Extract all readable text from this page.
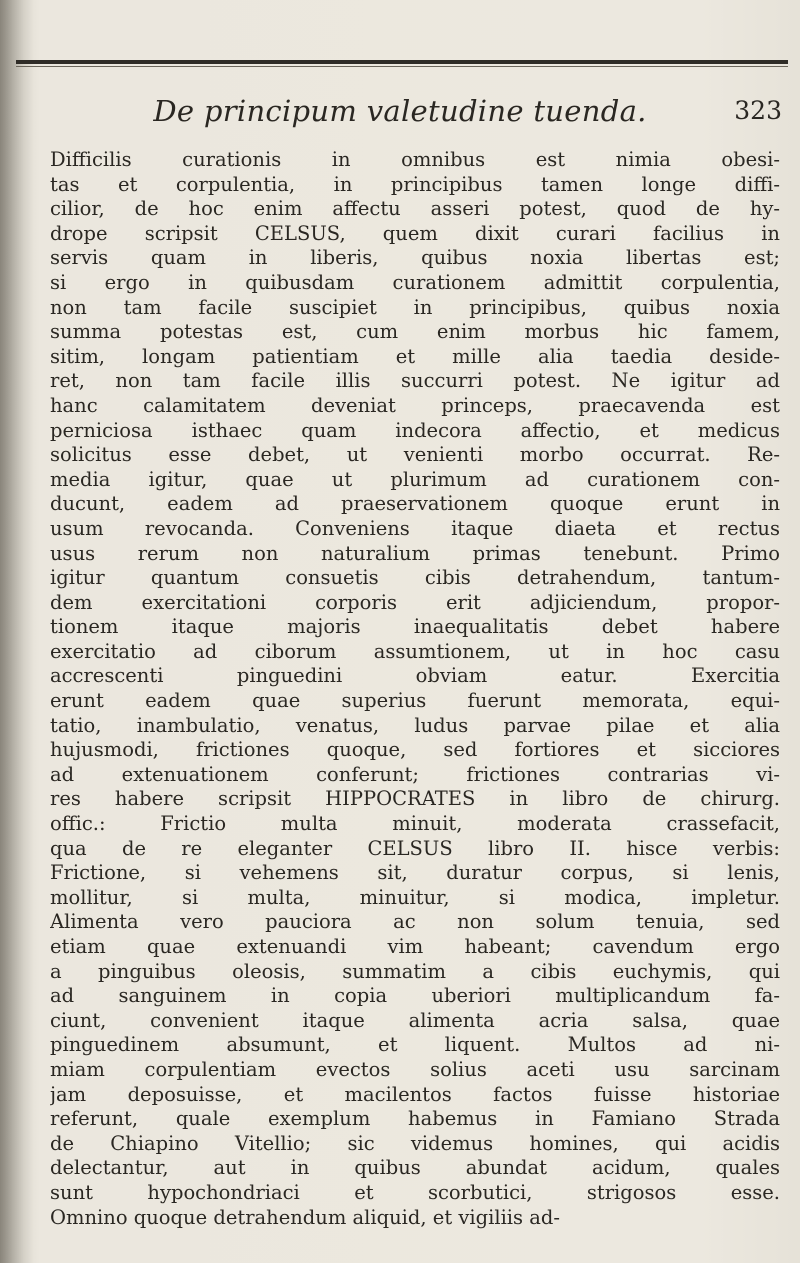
De principum valetudine tuenda.	323
Difficilis curationis in omnibus est nimia obesi-
tas et corpulentia, in principibus tamen longe diffi-
cilior, de hoc enim affectu asseri potest, quod de hy-
drope scripsit CELSUS, quem dixit curari facilius in
servis quam in liberis, quibus noxia libertas est;
si ergo in quibusdam curationem admittit corpulentia,
non tam facile suscipiet in principibus, quibus noxia
summa potestas est, cum enim morbus hic famem,
sitim, longam patientiam et mille alia taedia deside-
ret, non tam facile illis succurri potest. Ne igitur ad
hanc calamitatem deveniat princeps, praecavenda est
perniciosa isthaec quam indecora affectio, et medicus
solicitus esse debet, ut venienti morbo occurrat. Re-
media igitur, quae ut plurimum ad curationem con-
ducunt, eadem ad praeservationem quoque erunt in
usum revocanda. Conveniens itaque diaeta et rectus
usus rerum non naturalium primas tenebunt. Primo
igitur quantum consuetis cibis detrahendum, tantum-
dem exercitationi corporis erit adjiciendum, propor-
tionem itaque majoris inaequalitatis debet habere
exercitatio ad ciborum assumtionem, ut in hoc casu
accrescenti pinguedini obviam eatur. Exercitia
erunt eadem quae superius fuerunt memorata, equi-
tatio, inambulatio, venatus, ludus parvae pilae et alia
hujusmodi, frictiones quoque, sed fortiores et sicciores
ad extenuationem conferunt; frictiones contrarias vi-
res habere scripsit HIPPOCRATES in libro de chirurg.
offic.: Frictio multa minuit, moderata crassefacit,
qua de re eleganter CELSUS libro II. hisce verbis:
Frictione, si vehemens sit, duratur corpus, si lenis,
mollitur, si multa, minuitur, si modica, impletur.
Alimenta vero pauciora ac non solum tenuia, sed
etiam quae extenuandi vim habeant; cavendum ergo
a pinguibus oleosis, summatim a cibis euchymis, qui
ad sanguinem in copia uberiori multiplicandum fa-
ciunt, convenient itaque alimenta acria salsa, quae
pinguedinem absumunt, et liquent. Multos ad ni-
miam corpulentiam evectos solius aceti usu sarcinam
jam deposuisse, et macilentos factos fuisse historiae
referunt, quale exemplum habemus in Famiano Strada
de Chiapino Vitellio; sic videmus homines, qui acidis
delectantur, aut in quibus abundat acidum, quales
sunt hypochondriaci et scorbutici, strigosos esse.
Omnino quoque detrahendum aliquid, et vigiliis ad-
